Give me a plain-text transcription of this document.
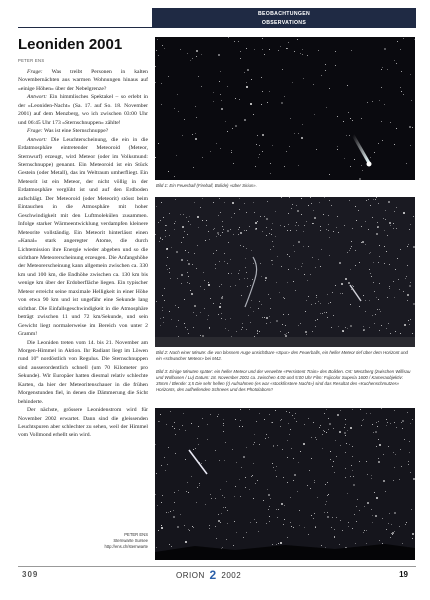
BEOBACHTUNGEN
OBSERVATIONS
Leoniden 2001
PETER ENS

Frage: Was treibt Personen in kalten Novembernächten aus warmen Wohnungen hinaus auf «einige Höhen» über der Nebelgrenze?

Antwort: Ein himmlisches Spektakel – so erlebt in der «Leoniden-Nacht» (Sa. 17. auf So. 18. November 2001) auf dem Menzberg, wo ich zwischen 03:00 Uhr und 06:45 Uhr 173 «Sternschnuppen» zählte!

Frage: Was ist eine Sternschnuppe?

Antwort: Die Leuchterscheinung, die ein in die Erdatmosphäre eintretender Meteoroid (Meteor, Sternwurf) erzeugt, wird Meteor (oder im Volksmund: Sternschnuppe) genannt. Ein Meteoroid ist ein Stück Gestein (oder Metall), das im Weltraum umherfliegt. Ein Meteorit ist ein Meteor, der nicht völlig in der Erdatmosphäre verglüht ist und auf den Erdboden aufschlägt. Der Meteoroid (oder Meteorit) stösst beim Eintauchen in die Atmosphäre mit hoher Geschwindigkeit mit den Luftmolekülen zusammen. Infolge starker Wärmeentwicklung verdampfen kleinere Meteorite vollständig. Ein Meteorit hinterlässt einen «Kanal» stark angeregter Atome, die durch Lichtemission ihre Energie wieder abgeben und so die sichtbare Meteorerscheinung erzeugen. Die Anfangshöhe der Meteorerscheinung kann allgemein zwischen ca. 330 km und 100 km, die Endhöhe zwischen ca. 130 km bis wenige km über der Erdoberfläche liegen. Ein typischer Meteor erreicht seine maximale Helligkeit in einer Höhe von etwa 90 km und ist ungefähr eine Sekunde lang sichtbar. Die Einfallsgeschwindigkeit in die Atmosphäre beträgt zwischen 11 und 72 km/Sekunde, und sein Gewicht liegt normalerweise im Bereich von unter 2 Gramm!

Die Leoniden treten vom 14. bis 21. November am Morgen-Himmel in Aktion. Ihr Radiant liegt im Löwen rund 10° nordöstlich von Regulus. Die Sternschnuppen sind ausserordentlich schnell (um 70 Kilometer pro Sekunde). Wir Europäer hatten diesmal relativ schlechte Karten, da hier der Meteoritenschauer in die frühen Morgenstunden fiel, in denen die Dämmerung die Sicht behinderte.

Der nächste, grössere Leonidenstrom wird für November 2002 erwartet. Dann sind die gleissenden Leuchtspuren aber schlechter zu sehen, weil der Himmel vom Vollmond erhellt sein wird.

PETER ENS
Sternwarte Sursee
http://ens.ch/sternwarte
Bild 1: Ein Feuerball (Fireball, Bolide) «über Sirius».
Bild 2: Nach einer Minute: die von blossem Auge unsichtbare «Spur» des Feuerballs, ein heller Meteor tief über dem Horizont und ein «schwacher Meteor» bei M42.
Bild 3: Einige Minuten später: ein heller Meteor und der verwehte «Persistent Train» des Boliden. Ort: Menzberg (zwischen Willisau und Wolhusen / Lu) Datum: 18. November 2001 ca. zwischen 4:00 und 5:00 Uhr Film: Fujicolor Superia 1600 / Kameraobjektiv: 35mm / Blende: 3,5 Die sehr hellen (!) Aufnahmen (es war «stockfinstere Nacht») sind das Resultat des «Kuchenschmutzes» Horizonts, des aufhellenden Schnees und des Photolabors!!
309	ORION 2 2002	19
